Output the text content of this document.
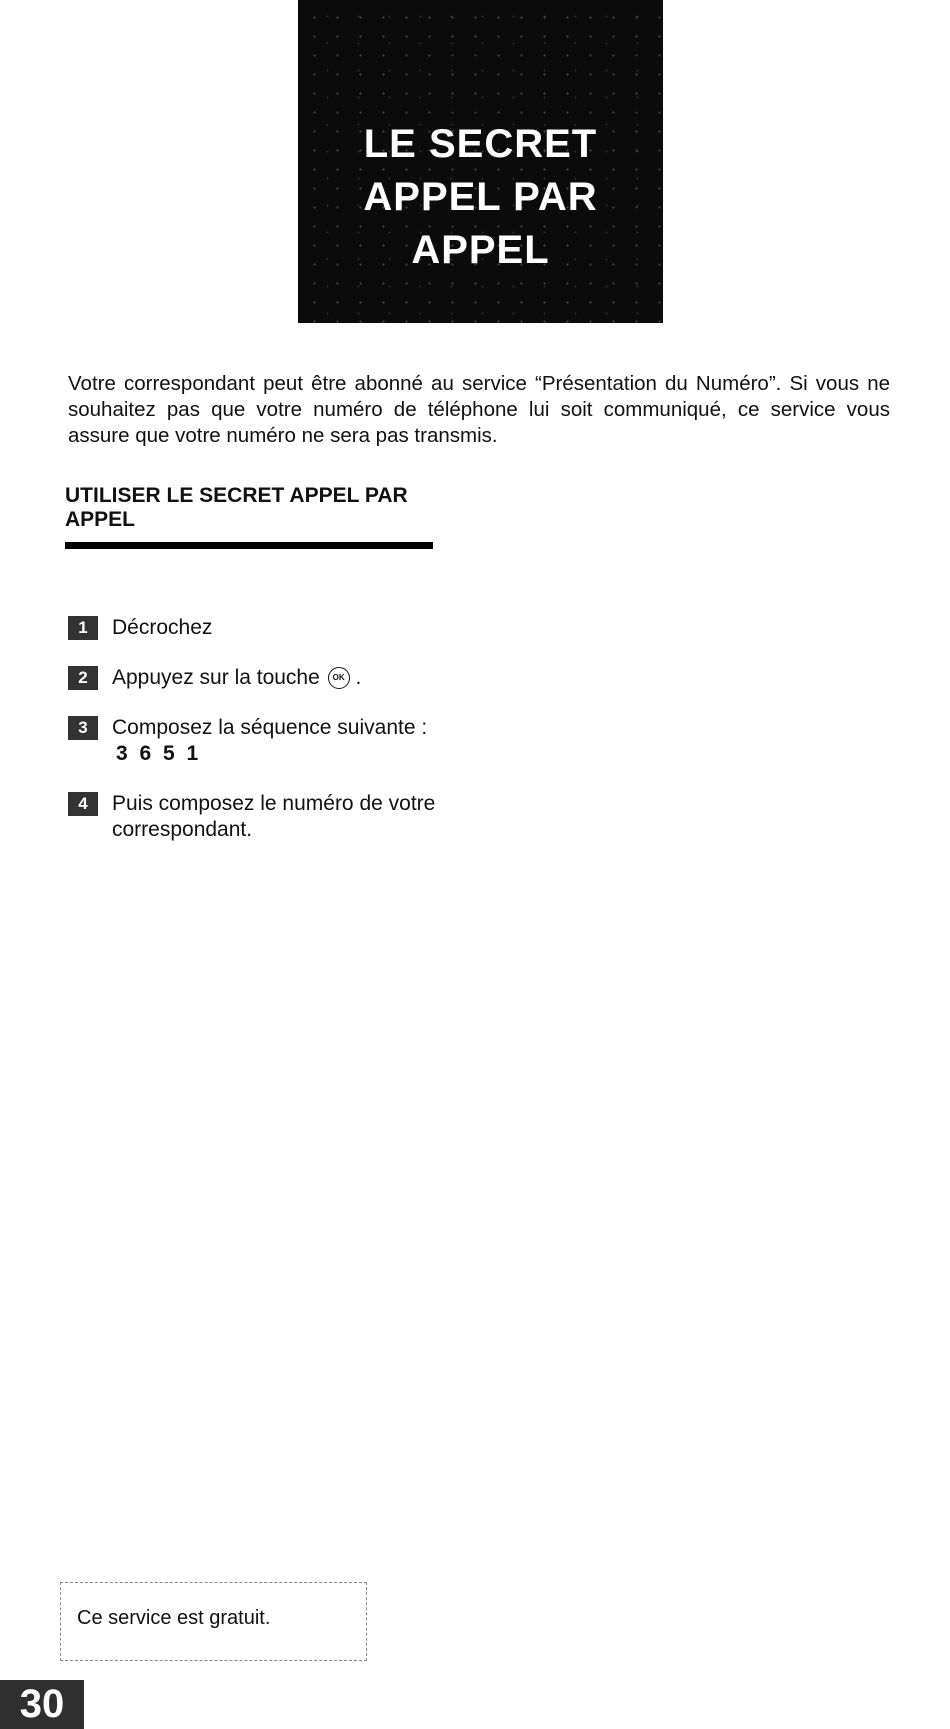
LE SECRET
APPEL PAR
APPEL

Votre correspondant peut être abonné au service “Présentation du Numéro”. Si vous ne souhaitez pas que votre numéro de téléphone lui soit communiqué, ce service vous assure que votre numéro ne sera pas transmis.

UTILISER LE SECRET APPEL PAR APPEL
1	Décrochez
2	Appuyez sur la touche OK .
3	Composez la séquence suivante :
3 6 5 1
4	Puis composez le numéro de votre correspondant.
Ce service est gratuit.
30
